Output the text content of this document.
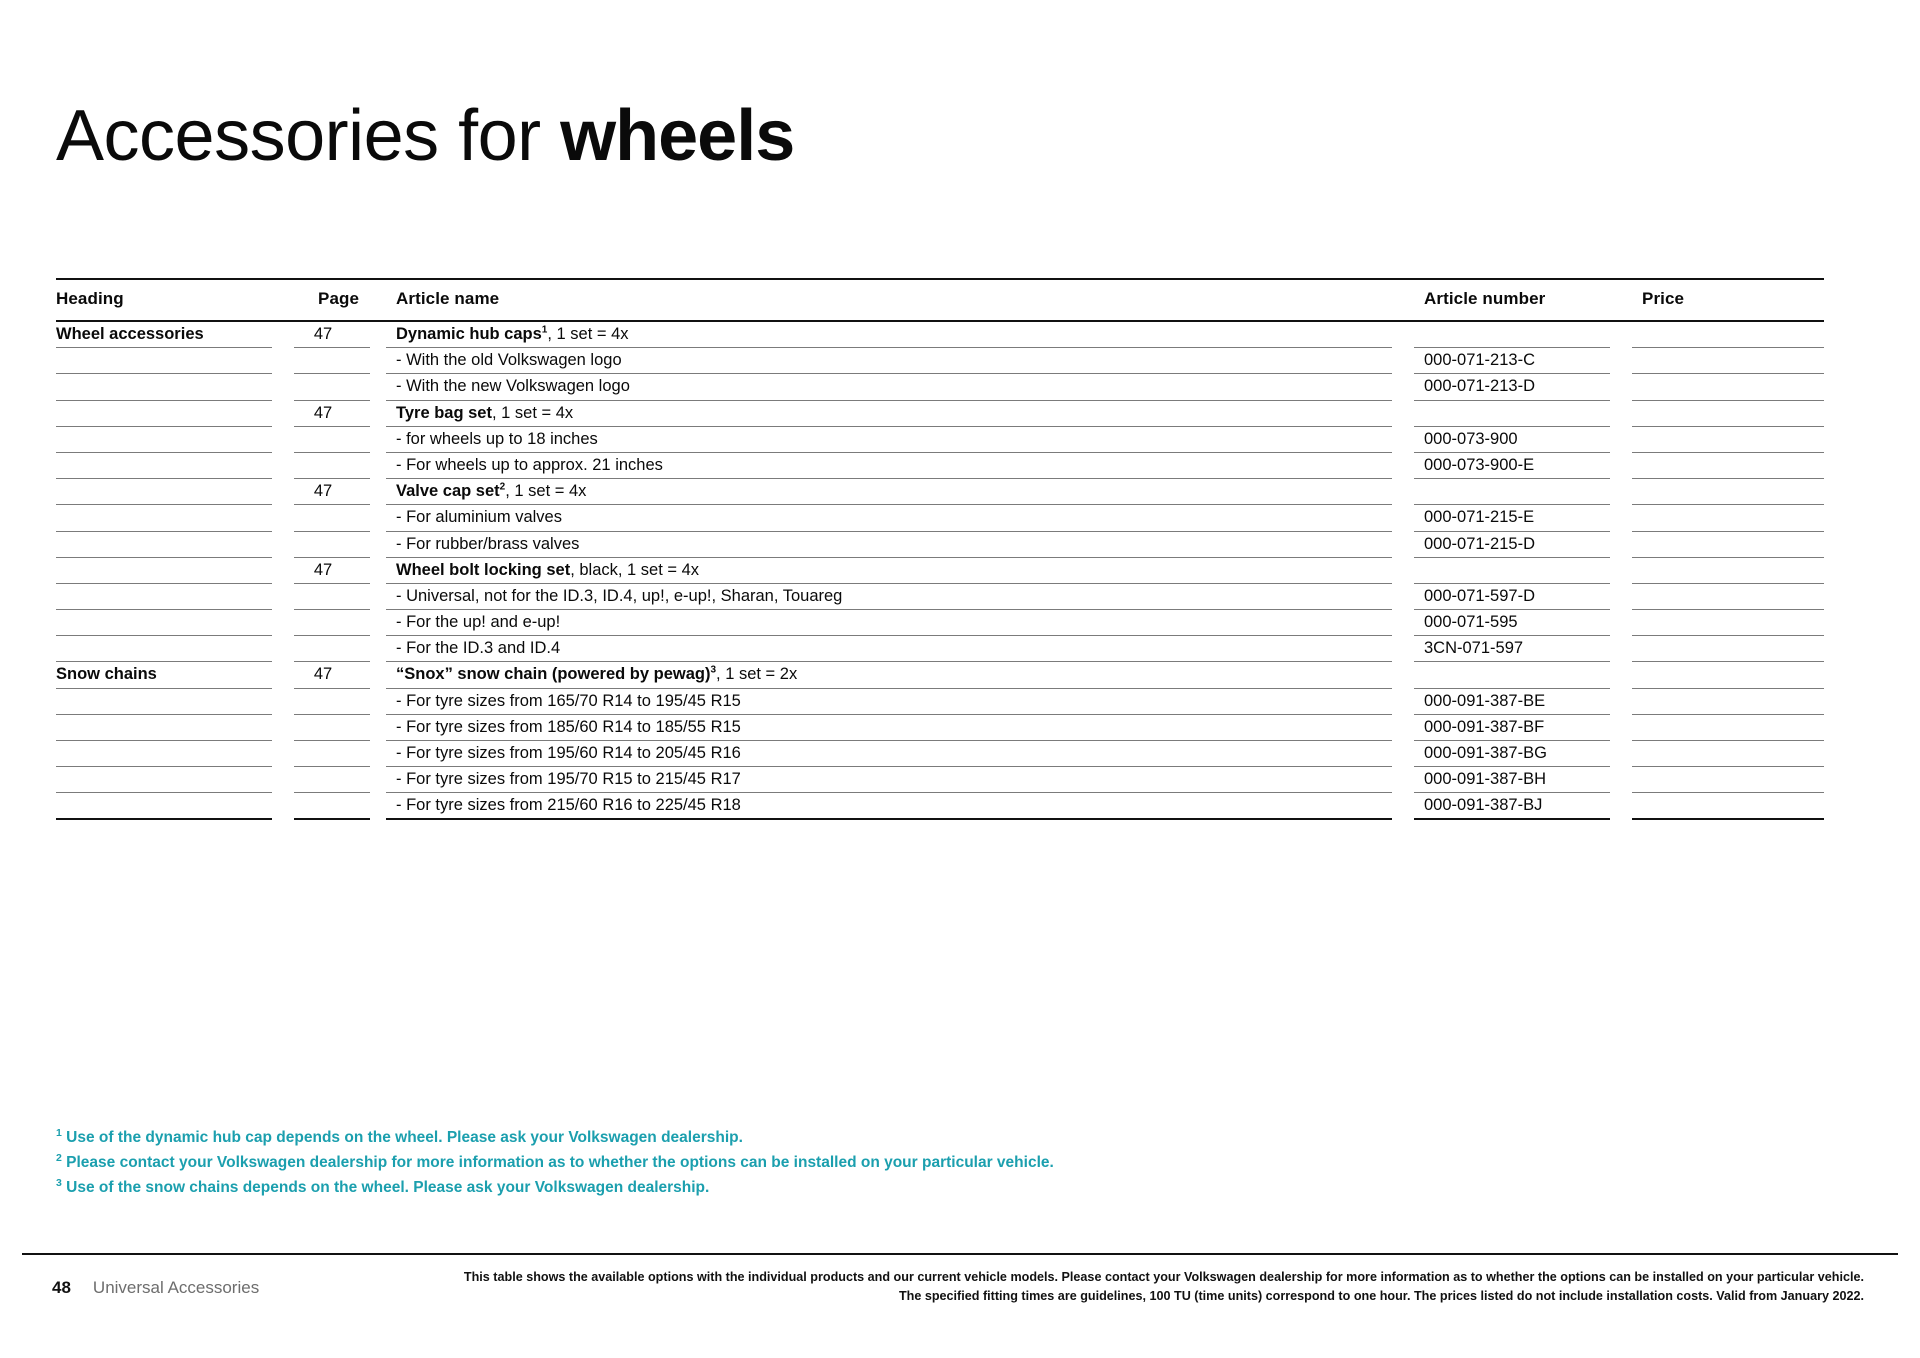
Accessories for wheels
Heading	Page	Article name	Article number	Price

Wheel accessories	47	Dynamic hub caps$^1$, 1 set = 4x		

		- With the old Volkswagen logo	000-071-213-C	

		- With the new Volkswagen logo	000-071-213-D	

	47	Tyre bag set, 1 set = 4x		

		- for wheels up to 18 inches	000-073-900	

		- For wheels up to approx. 21 inches	000-073-900-E	

	47	Valve cap set$^2$, 1 set = 4x		

		- For aluminium valves	000-071-215-E	

		- For rubber/brass valves	000-071-215-D	

	47	Wheel bolt locking set, black, 1 set = 4x		

		- Universal, not for the ID.3, ID.4, up!, e-up!, Sharan, Touareg	000-071-597-D	

		- For the up! and e-up!	000-071-595	

		- For the ID.3 and ID.4	3CN-071-597	

Snow chains	47	“Snox” snow chain (powered by pewag)$^3$, 1 set = 2x		

		- For tyre sizes from 165/70 R14 to 195/45 R15	000-091-387-BE	

		- For tyre sizes from 185/60 R14 to 185/55 R15	000-091-387-BF	

		- For tyre sizes from 195/60 R14 to 205/45 R16	000-091-387-BG	

		- For tyre sizes from 195/70 R15 to 215/45 R17	000-091-387-BH	

		- For tyre sizes from 215/60 R16 to 225/45 R18	000-091-387-BJ	

$^1$ Use of the dynamic hub cap depends on the wheel. Please ask your Volkswagen dealership.
$^2$ Please contact your Volkswagen dealership for more information as to whether the options can be installed on your particular vehicle.
$^3$ Use of the snow chains depends on the wheel. Please ask your Volkswagen dealership.
48 Universal Accessories
This table shows the available options with the individual products and our current vehicle models. Please contact your Volkswagen dealership for more information as to whether the options can be installed on your particular vehicle.
The specified fitting times are guidelines, 100 TU (time units) correspond to one hour. The prices listed do not include installation costs. Valid from January 2022.
